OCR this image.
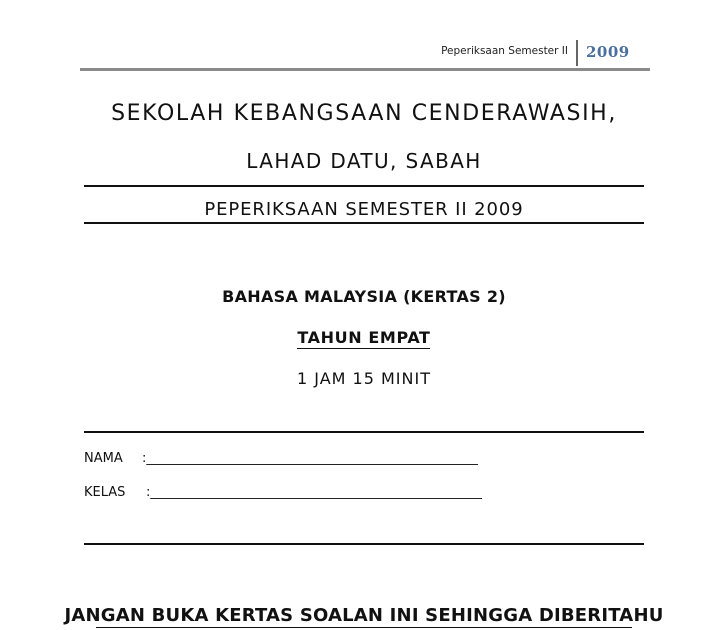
Peperiksaan Semester II 2009
SEKOLAH KEBANGSAAN CENDERAWASIH,
LAHAD DATU, SABAH
PEPERIKSAAN SEMESTER II 2009
BAHASA MALAYSIA (KERTAS 2)
TAHUN EMPAT
1 JAM 15 MINIT
NAMA :___________________________________________________
KELAS :___________________________________________________
JANGAN BUKA KERTAS SOALAN INI SEHINGGA DIBERITAHU
